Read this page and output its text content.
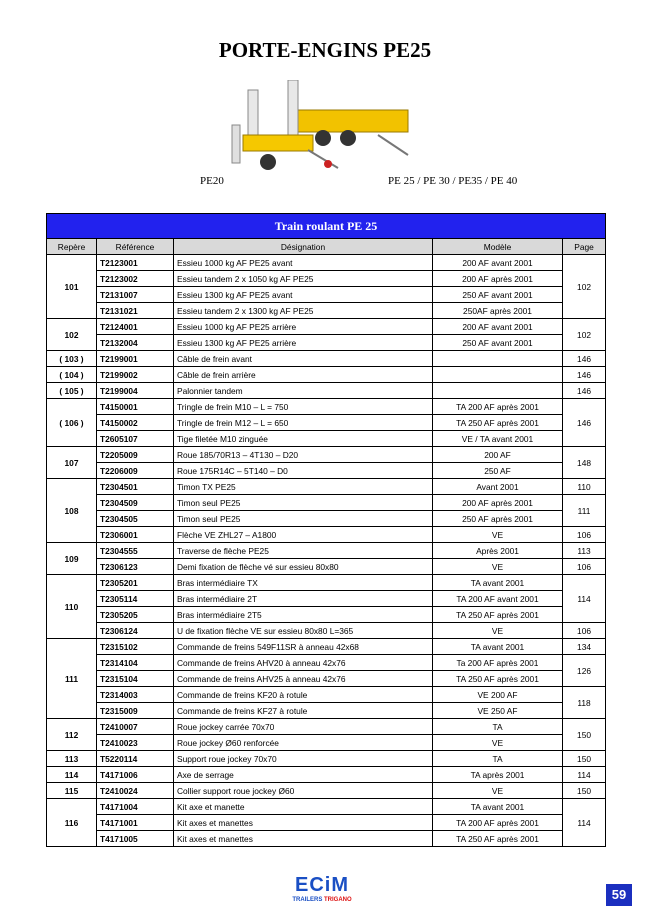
PORTE-ENGINS PE25
PE20	PE 25 / PE 30 / PE35 / PE 40
Train roulant PE 25				
Repère	Référence	Désignation	Modèle	Page
101	T2123001	Essieu 1000 kg AF PE25 avant	200 AF avant 2001	102
	T2123002	Essieu tandem 2 x 1050 kg AF PE25	200 AF après 2001	
	T2131007	Essieu 1300 kg AF PE25 avant	250 AF avant 2001	
	T2131021	Essieu tandem 2 x 1300 kg AF PE25	250AF après 2001	
102	T2124001	Essieu 1000 kg AF PE25 arrière	200 AF avant 2001	102
	T2132004	Essieu 1300 kg AF PE25 arrière	250 AF avant 2001	
( 103 )	T2199001	Câble de frein avant		146
( 104 )	T2199002	Câble de frein arrière		146
( 105 )	T2199004	Palonnier tandem		146
( 106 )	T4150001	Tringle de frein M10 – L = 750	TA 200 AF après 2001	146
	T4150002	Tringle de frein M12 – L = 650	TA 250 AF après 2001	
	T2605107	Tige filetée M10 zinguée	VE / TA avant 2001	
107	T2205009	Roue 185/70R13 – 4T130 – D20	200 AF	148
	T2206009	Roue 175R14C – 5T140 – D0	250 AF	
108	T2304501	Timon TX PE25	Avant 2001	110
	T2304509	Timon seul PE25	200 AF après 2001	111
	T2304505	Timon seul PE25	250 AF après 2001	
	T2306001	Flèche VE ZHL27 – A1800	VE	106
109	T2304555	Traverse de flèche PE25	Après 2001	113
	T2306123	Demi fixation de flèche vé sur essieu 80x80	VE	106
110	T2305201	Bras intermédiaire TX	TA avant 2001	114
	T2305114	Bras intermédiaire 2T	TA 200 AF avant 2001	
	T2305205	Bras intermédiaire 2T5	TA 250 AF après 2001	
	T2306124	U de fixation flèche VE sur essieu 80x80 L=365	VE	106
111	T2315102	Commande de freins 549F11SR à anneau 42x68	TA avant 2001	134
	T2314104	Commande de freins AHV20 à anneau 42x76	Ta 200 AF après 2001	126
	T2315104	Commande de freins AHV25 à anneau 42x76	TA 250 AF après 2001	
	T2314003	Commande de freins KF20 à rotule	VE 200 AF	118
	T2315009	Commande de freins KF27 à rotule	VE 250 AF	
112	T2410007	Roue jockey carrée 70x70	TA	150
	T2410023	Roue jockey Ø60 renforcée	VE	
113	T5220114	Support roue jockey 70x70	TA	150
114	T4171006	Axe de serrage	TA après 2001	114
115	T2410024	Collier support roue jockey Ø60	VE	150
116	T4171004	Kit axe et manette	TA avant 2001	114
	T4171001	Kit axes et manettes	TA 200 AF après 2001	
	T4171005	Kit axes et manettes	TA 250 AF après 2001	
ECiM
TRAILERS TRIGANO	59
